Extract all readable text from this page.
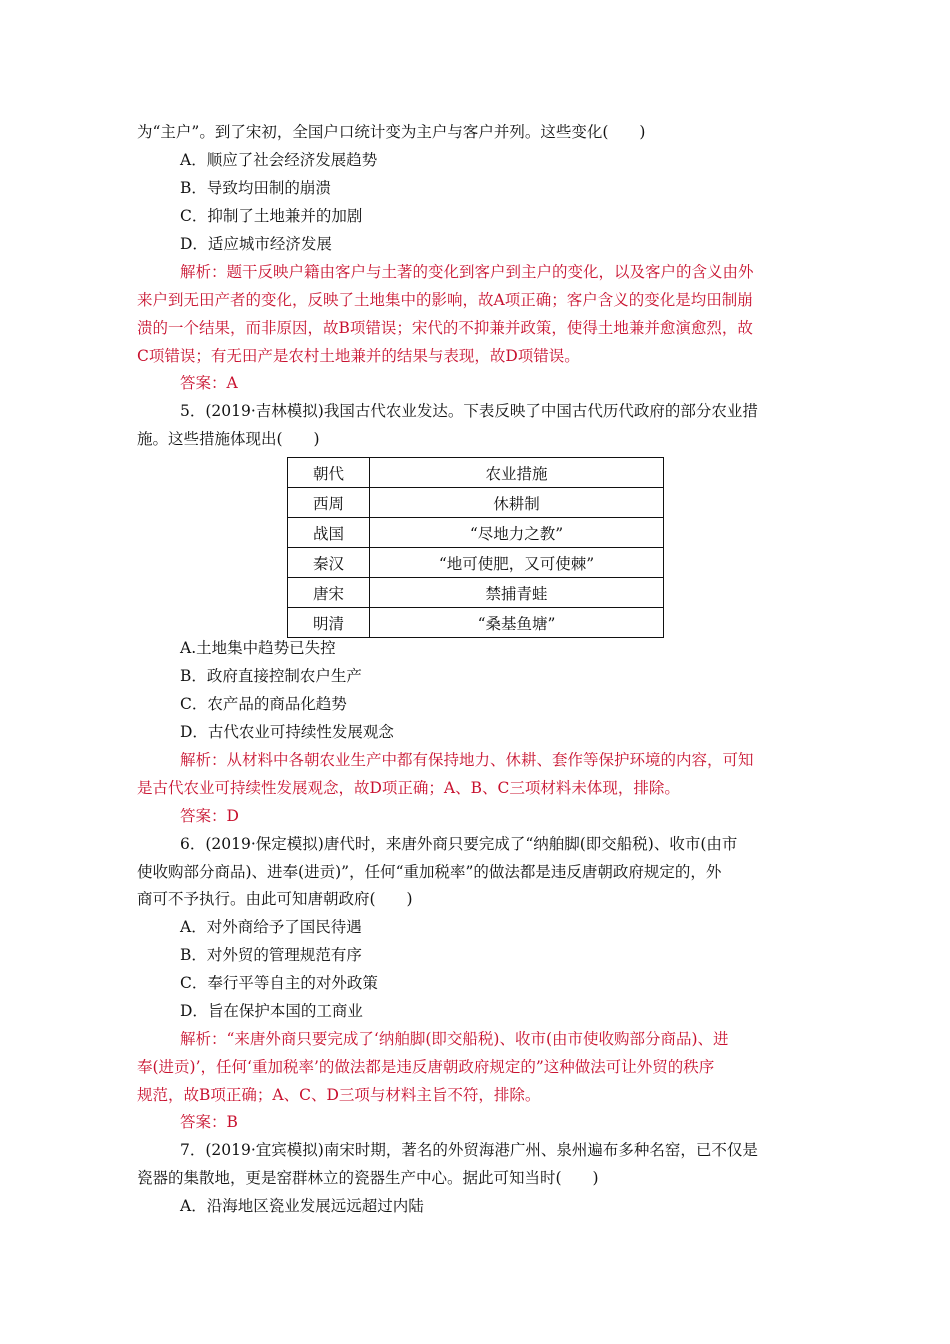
为“主户”。到了宋初，全国户口统计变为主户与客户并列。这些变化(　　)
A．顺应了社会经济发展趋势
B．导致均田制的崩溃
C．抑制了土地兼并的加剧
D．适应城市经济发展
解析：题干反映户籍由客户与土著的变化到客户到主户的变化，以及客户的含义由外
来户到无田产者的变化，反映了土地集中的影响，故A项正确；客户含义的变化是均田制崩
溃的一个结果，而非原因，故B项错误；宋代的不抑兼并政策，使得土地兼并愈演愈烈，故
C项错误；有无田产是农村土地兼并的结果与表现，故D项错误。
答案：A
5．(2019·吉林模拟)我国古代农业发达。下表反映了中国古代历代政府的部分农业措
施。这些措施体现出(　　)
朝代	农业措施
西周	休耕制
战国	“尽地力之教”
秦汉	“地可使肥，又可使棘”
唐宋	禁捕青蛙
明清	“桑基鱼塘”
A.土地集中趋势已失控
B．政府直接控制农户生产
C．农产品的商品化趋势
D．古代农业可持续性发展观念
解析：从材料中各朝农业生产中都有保持地力、休耕、套作等保护环境的内容，可知
是古代农业可持续性发展观念，故D项正确；A、B、C三项材料未体现，排除。
答案：D
6．(2019·保定模拟)唐代时，来唐外商只要完成了“纳舶脚(即交船税)、收市(由市
使收购部分商品)、进奉(进贡)”，任何“重加税率”的做法都是违反唐朝政府规定的，外
商可不予执行。由此可知唐朝政府(　　)
A．对外商给予了国民待遇
B．对外贸的管理规范有序
C．奉行平等自主的对外政策
D．旨在保护本国的工商业
解析：“来唐外商只要完成了‘纳舶脚(即交船税)、收市(由市使收购部分商品)、进
奉(进贡)’，任何‘重加税率’的做法都是违反唐朝政府规定的”这种做法可让外贸的秩序
规范，故B项正确；A、C、D三项与材料主旨不符，排除。
答案：B
7．(2019·宜宾模拟)南宋时期，著名的外贸海港广州、泉州遍布多种名窑，已不仅是
瓷器的集散地，更是窑群林立的瓷器生产中心。据此可知当时(　　)
A．沿海地区瓷业发展远远超过内陆
